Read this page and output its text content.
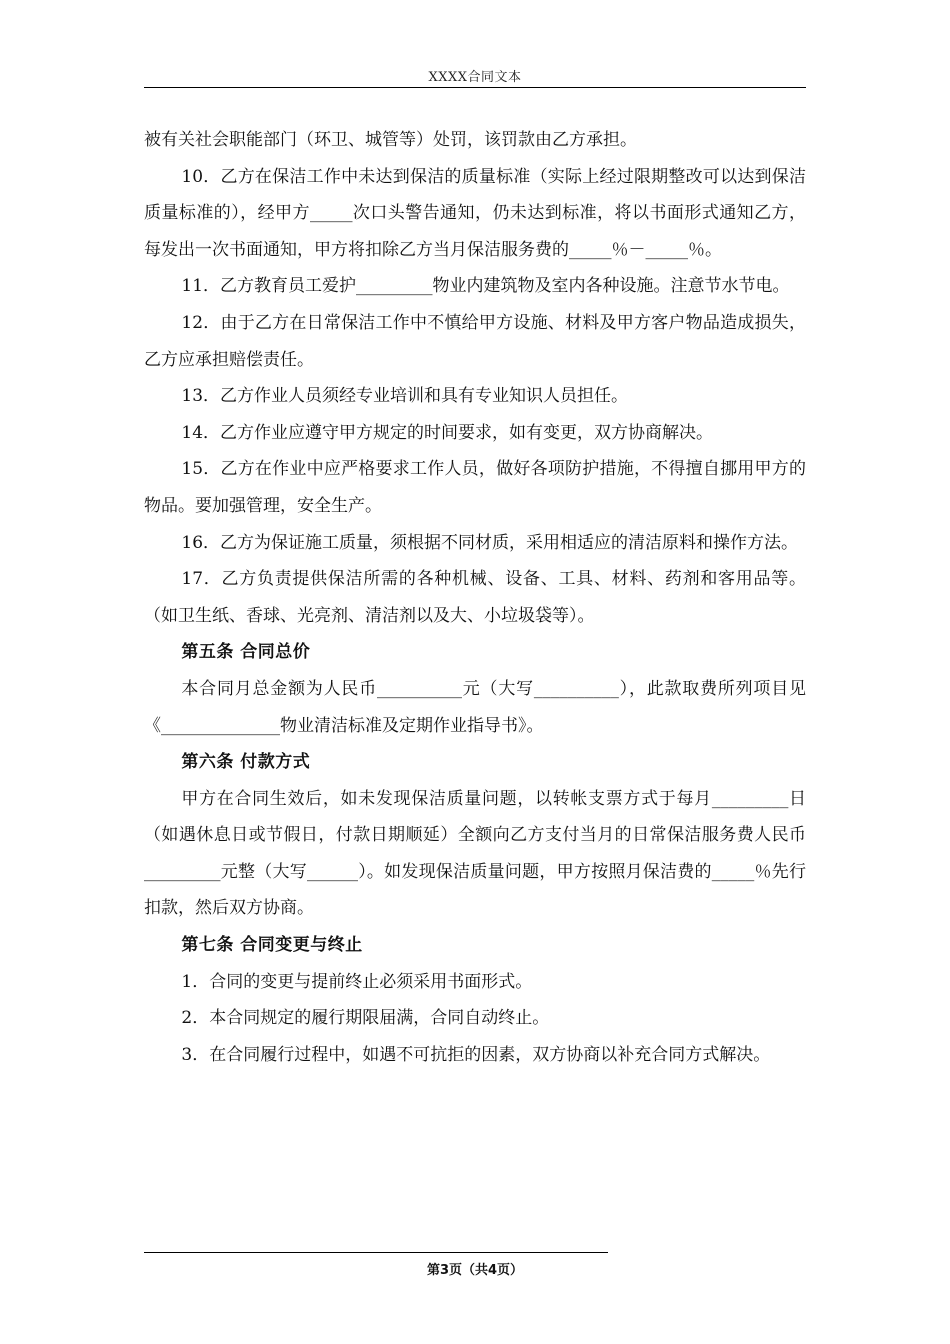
XXXX合同文本

被有关社会职能部门（环卫、城管等）处罚，该罚款由乙方承担。

10．乙方在保洁工作中未达到保洁的质量标准（实际上经过限期整改可以达到保洁质量标准的），经甲方_____次口头警告通知，仍未达到标准，将以书面形式通知乙方，每发出一次书面通知，甲方将扣除乙方当月保洁服务费的_____％－_____％。

11．乙方教育员工爱护_________物业内建筑物及室内各种设施。注意节水节电。

12．由于乙方在日常保洁工作中不慎给甲方设施、材料及甲方客户物品造成损失，乙方应承担赔偿责任。

13．乙方作业人员须经专业培训和具有专业知识人员担任。

14．乙方作业应遵守甲方规定的时间要求，如有变更，双方协商解决。

15．乙方在作业中应严格要求工作人员，做好各项防护措施，不得擅自挪用甲方的物品。要加强管理，安全生产。

16．乙方为保证施工质量，须根据不同材质，采用相适应的清洁原料和操作方法。

17．乙方负责提供保洁所需的各种机械、设备、工具、材料、药剂和客用品等。（如卫生纸、香球、光亮剂、清洁剂以及大、小垃圾袋等）。

第五条 合同总价

本合同月总金额为人民币__________元（大写__________），此款取费所列项目见《______________物业清洁标准及定期作业指导书》。

第六条 付款方式

甲方在合同生效后，如未发现保洁质量问题，以转帐支票方式于每月_________日（如遇休息日或节假日，付款日期顺延）全额向乙方支付当月的日常保洁服务费人民币_________元整（大写______）。如发现保洁质量问题，甲方按照月保洁费的_____％先行扣款，然后双方协商。

第七条 合同变更与终止

1．合同的变更与提前终止必须采用书面形式。

2．本合同规定的履行期限届满，合同自动终止。

3．在合同履行过程中，如遇不可抗拒的因素，双方协商以补充合同方式解决。

第3页（共4页）
